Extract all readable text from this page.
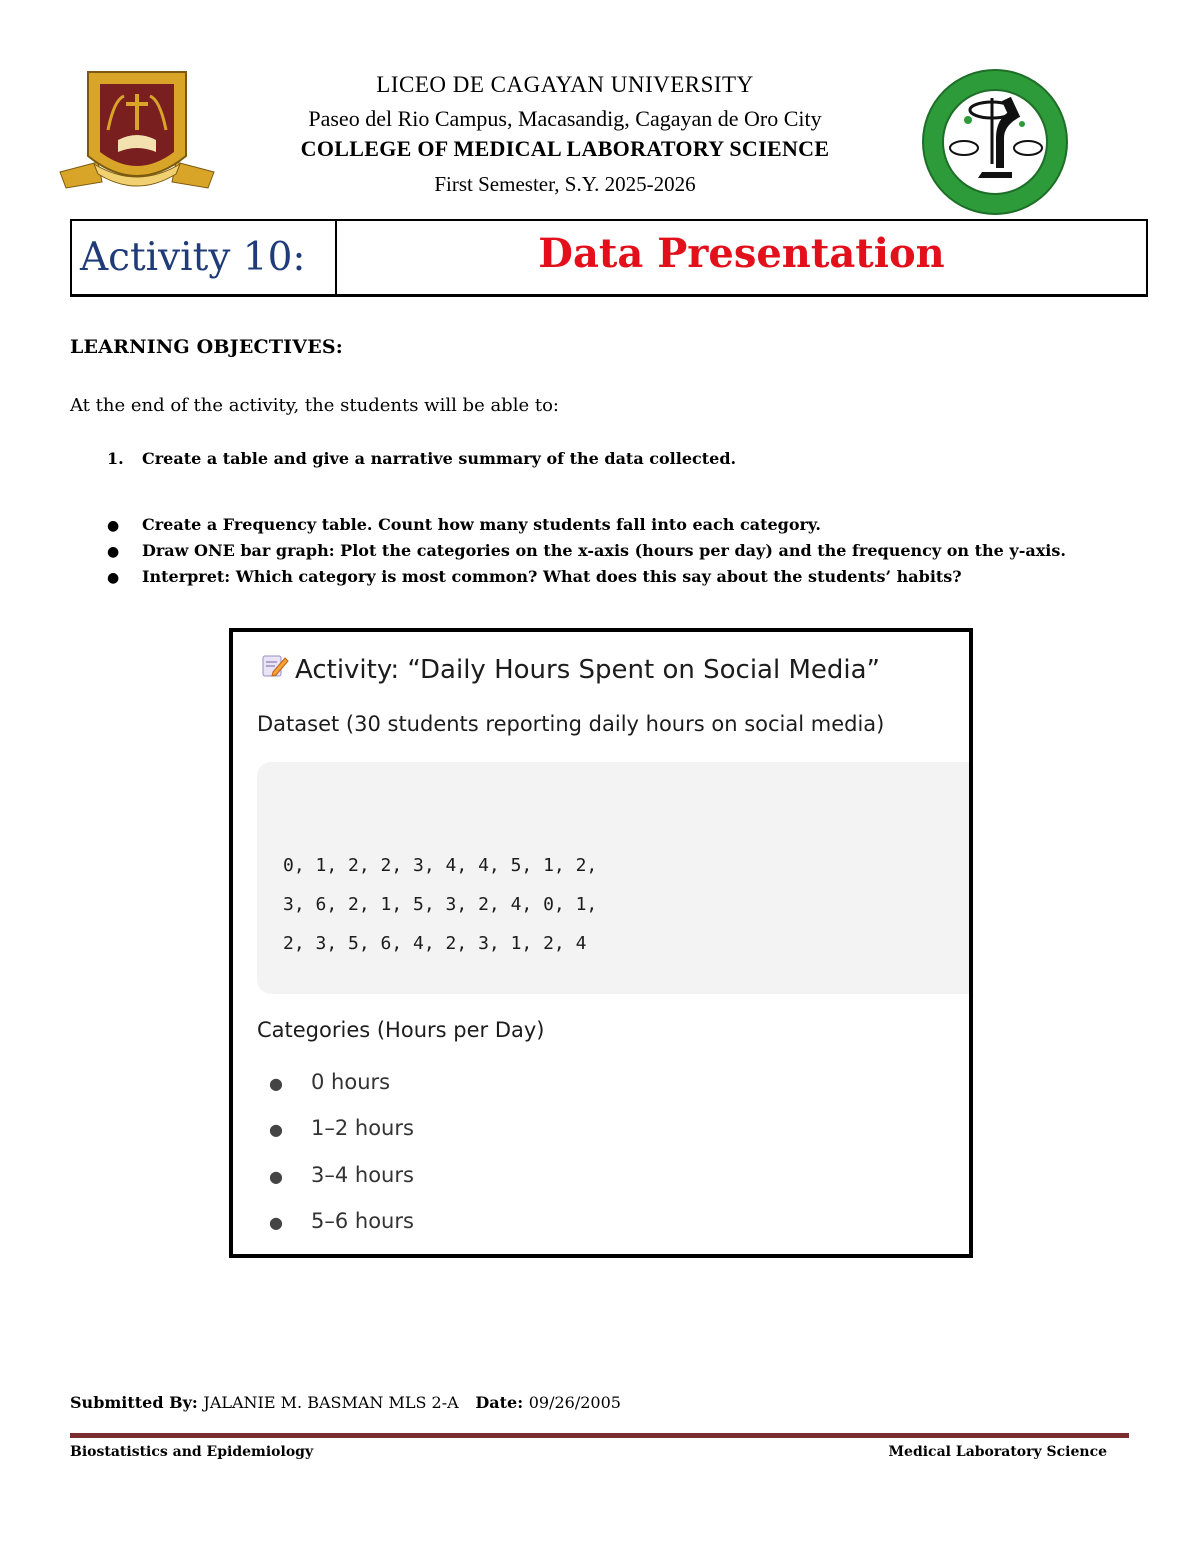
LICEO DE CAGAYAN UNIVERSITY
Paseo del Rio Campus, Macasandig, Cagayan de Oro City
COLLEGE OF MEDICAL LABORATORY SCIENCE
First Semester, S.Y. 2025-2026
Activity 10:	Data Presentation
LEARNING OBJECTIVES:
At the end of the activity, the students will be able to:
1. Create a table and give a narrative summary of the data collected.
● Create a Frequency table. Count how many students fall into each category.
● Draw ONE bar graph: Plot the categories on the x-axis (hours per day) and the frequency on the y-axis.
● Interpret: Which category is most common? What does this say about the students’ habits?
Activity: “Daily Hours Spent on Social Media”
Dataset (30 students reporting daily hours on social media)
0, 1, 2, 2, 3, 4, 4, 5, 1, 2,
3, 6, 2, 1, 5, 3, 2, 4, 0, 1,
2, 3, 5, 6, 4, 2, 3, 1, 2, 4
Categories (Hours per Day)
● 0 hours
● 1–2 hours
● 3–4 hours
● 5–6 hours
Submitted By: JALANIE M. BASMAN MLS 2-A Date: 09/26/2005
Biostatistics and Epidemiology	Medical Laboratory Science
